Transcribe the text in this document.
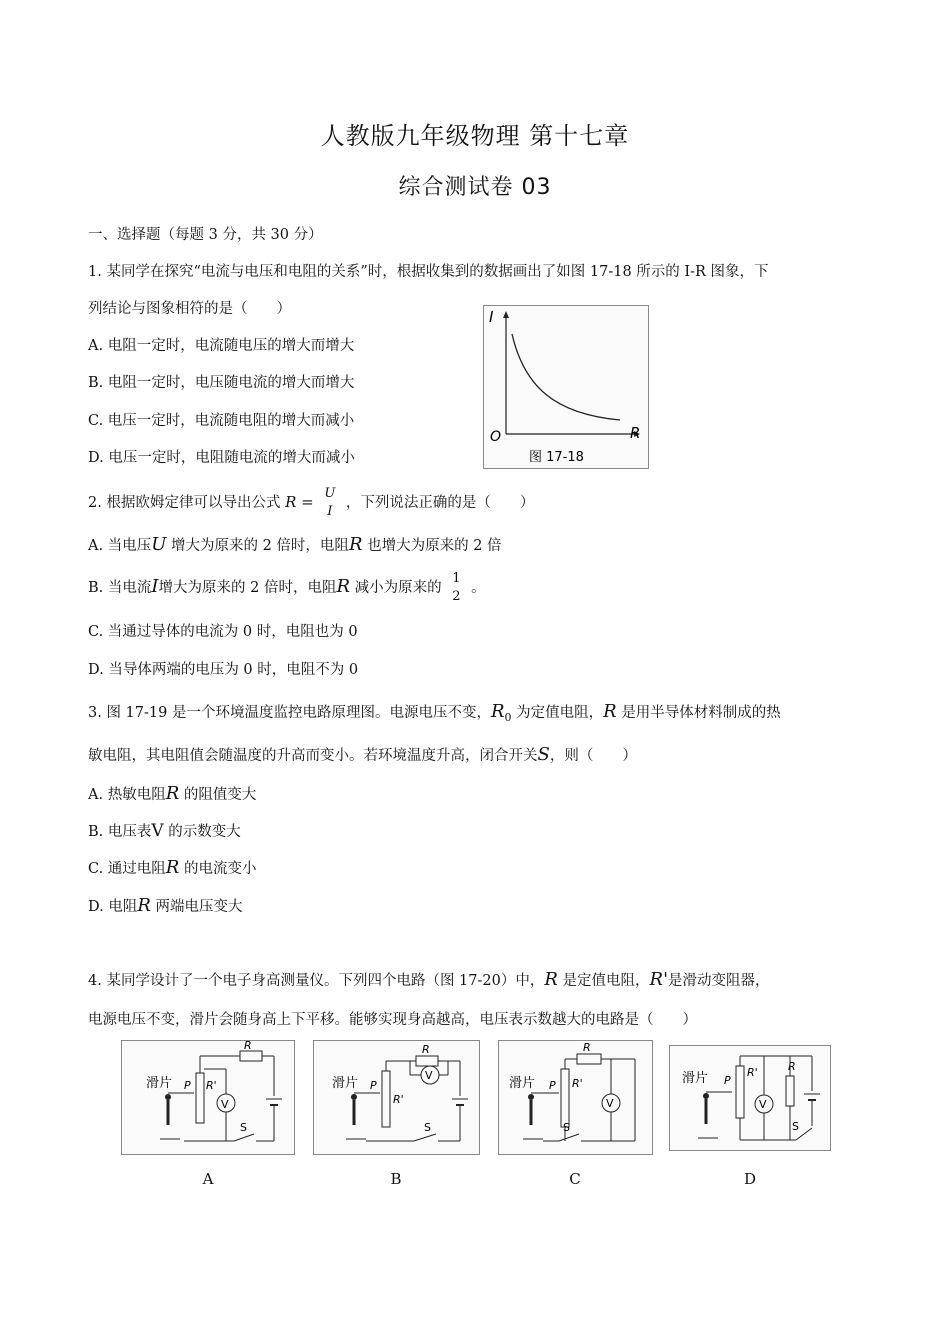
人教版九年级物理 第十七章
综合测试卷 03
一、选择题（每题 3 分，共 30 分）
1. 某同学在探究“电流与电压和电阻的关系”时，根据收集到的数据画出了如图 17-18 所示的 I-R 图象，下
列结论与图象相符的是（　　）
A. 电阻一定时，电流随电压的增大而增大
B. 电阻一定时，电压随电流的增大而增大
C. 电压一定时，电流随电阻的增大而减小
D. 电压一定时，电阻随电流的增大而减小
I
R
O
图 17-18
2. 根据欧姆定律可以导出公式 R = U
I
，下列说法正确的是（　　）
A. 当电压U 增大为原来的 2 倍时，电阻R 也增大为原来的 2 倍
B. 当电流I增大为原来的 2 倍时，电阻R 减小为原来的
1
2
。
C. 当通过导体的电流为 0 时，电阻也为 0
D. 当导体两端的电压为 0 时，电阻不为 0
3. 图 17-19 是一个环境温度监控电路原理图。电源电压不变，$R_0$ 为定值电阻，R 是用半导体材料制成的热
敏电阻，其电阻值会随温度的升高而变小。若环境温度升高，闭合开关S，则（　　）
A. 热敏电阻R 的阻值变大
B. 电压表V 的示数变大
C. 通过电阻R 的电流变小
D. 电阻R 两端电压变大
4. 某同学设计了一个电子身高测量仪。下列四个电路（图 17-20）中，R 是定值电阻，R'是滑动变阻器，
电源电压不变，滑片会随身高上下平移。能够实现身高越高，电压表示数越大的电路是（　　）
滑片 P R'
R
V
S
A
滑片 P
R'
R
V
S
B
滑片 P R'
R
V
S
C
滑片 P
R'
V
R
S
D
